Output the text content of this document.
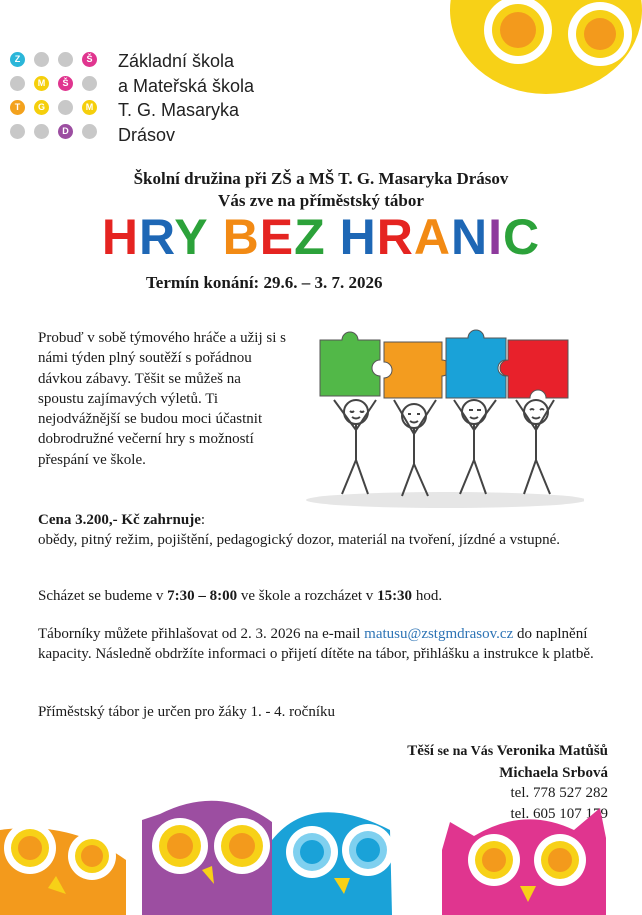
Z	Š
M	Š
T	G	M
D
Základní škola
a Mateřská škola
T. G. Masaryka
Drásov
Školní družina při ZŠ a MŠ T. G. Masaryka Drásov
Vás zve na příměstský tábor
HRY BEZ HRANIC
Termín konání: 29.6. – 3. 7. 2026
Probuď v sobě týmového hráče a užij si s námi týden plný soutěží s pořádnou dávkou zábavy. Těšit se můžeš na spoustu zajímavých výletů. Ti nejodvážnější se budou moci účastnit dobrodružné večerní hry s možností přespání ve škole.
Cena 3.200,- Kč zahrnuje:
obědy, pitný režim, pojištění, pedagogický dozor, materiál na tvoření, jízdné a vstupné.
Scházet se budeme v 7:30 – 8:00 ve škole a rozcházet v 15:30 hod.
Táborníky můžete přihlašovat od 2. 3. 2026 na e-mail matusu@zstgmdrasov.cz do naplnění kapacity. Následně obdržíte informaci o přijetí dítěte na tábor, přihlášku a instrukce k platbě.
Příměstský tábor je určen pro žáky 1. - 4. ročníku
Těší se na Vás Veronika Matůšů
Michaela Srbová
tel. 778 527 282
tel. 605 107 179
